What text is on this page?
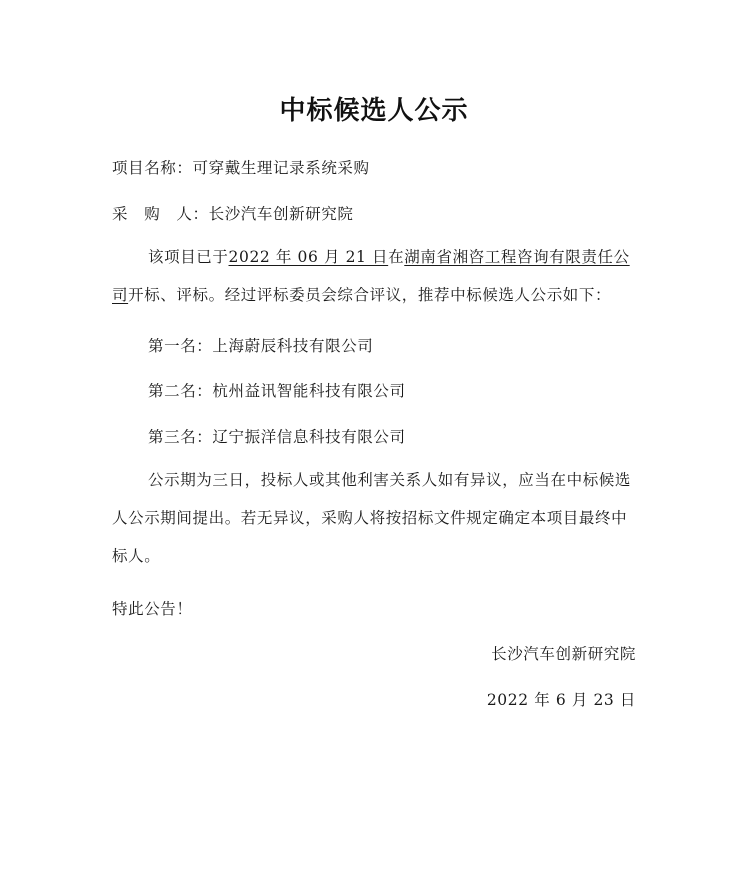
中标候选人公示
项目名称：可穿戴生理记录系统采购
采　购　人：长沙汽车创新研究院
该项目已于2022 年 06 月 21 日在湖南省湘咨工程咨询有限责任公司开标、评标。经过评标委员会综合评议，推荐中标候选人公示如下：
第一名：上海蔚辰科技有限公司
第二名：杭州益讯智能科技有限公司
第三名：辽宁振洋信息科技有限公司
公示期为三日，投标人或其他利害关系人如有异议，应当在中标候选人公示期间提出。若无异议，采购人将按招标文件规定确定本项目最终中标人。
特此公告！
长沙汽车创新研究院
2022 年 6 月 23 日
